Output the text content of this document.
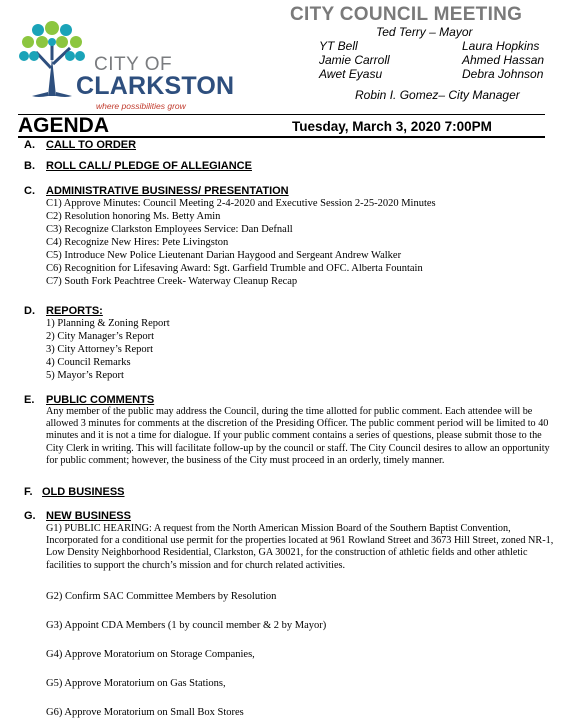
CITY OF
CLARKSTON
where possibilities grow
CITY COUNCIL MEETING
Ted Terry – Mayor
YT Bell	Laura Hopkins
Jamie Carroll	Ahmed Hassan
Awet Eyasu	Debra Johnson
Robin I. Gomez– City Manager
AGENDA	Tuesday, March 3, 2020 7:00PM
A. CALL TO ORDER
B. ROLL CALL/ PLEDGE OF ALLEGIANCE
C. ADMINISTRATIVE BUSINESS/ PRESENTATION
C1) Approve Minutes: Council Meeting 2-4-2020 and Executive Session 2-25-2020 Minutes
C2) Resolution honoring Ms. Betty Amin
C3) Recognize Clarkston Employees Service: Dan Defnall
C4) Recognize New Hires: Pete Livingston
C5) Introduce New Police Lieutenant Darian Haygood and Sergeant Andrew Walker
C6) Recognition for Lifesaving Award: Sgt. Garfield Trumble and OFC. Alberta Fountain
C7) South Fork Peachtree Creek- Waterway Cleanup Recap
D. REPORTS:
1) Planning & Zoning Report
2) City Manager’s Report
3) City Attorney’s Report
4) Council Remarks
5) Mayor’s Report
E. PUBLIC COMMENTS
Any member of the public may address the Council, during the time allotted for public comment. Each attendee will be allowed 3 minutes for comments at the discretion of the Presiding Officer. The public comment period will be limited to 40 minutes and it is not a time for dialogue. If your public comment contains a series of questions, please submit those to the City Clerk in writing. This will facilitate follow-up by the council or staff. The City Council desires to allow an opportunity for public comment; however, the business of the City must proceed in an orderly, timely manner.
F. OLD BUSINESS
G. NEW BUSINESS
G1) PUBLIC HEARING: A request from the North American Mission Board of the Southern Baptist Convention, Incorporated for a conditional use permit for the properties located at 961 Rowland Street and 3673 Hill Street, zoned NR-1, Low Density Neighborhood Residential, Clarkston, GA 30021, for the construction of athletic fields and other athletic facilities to support the church’s mission and for church related activities.
G2) Confirm SAC Committee Members by Resolution
G3) Appoint CDA Members (1 by council member & 2 by Mayor)
G4) Approve Moratorium on Storage Companies,
G5) Approve Moratorium on Gas Stations,
G6) Approve Moratorium on Small Box Stores
